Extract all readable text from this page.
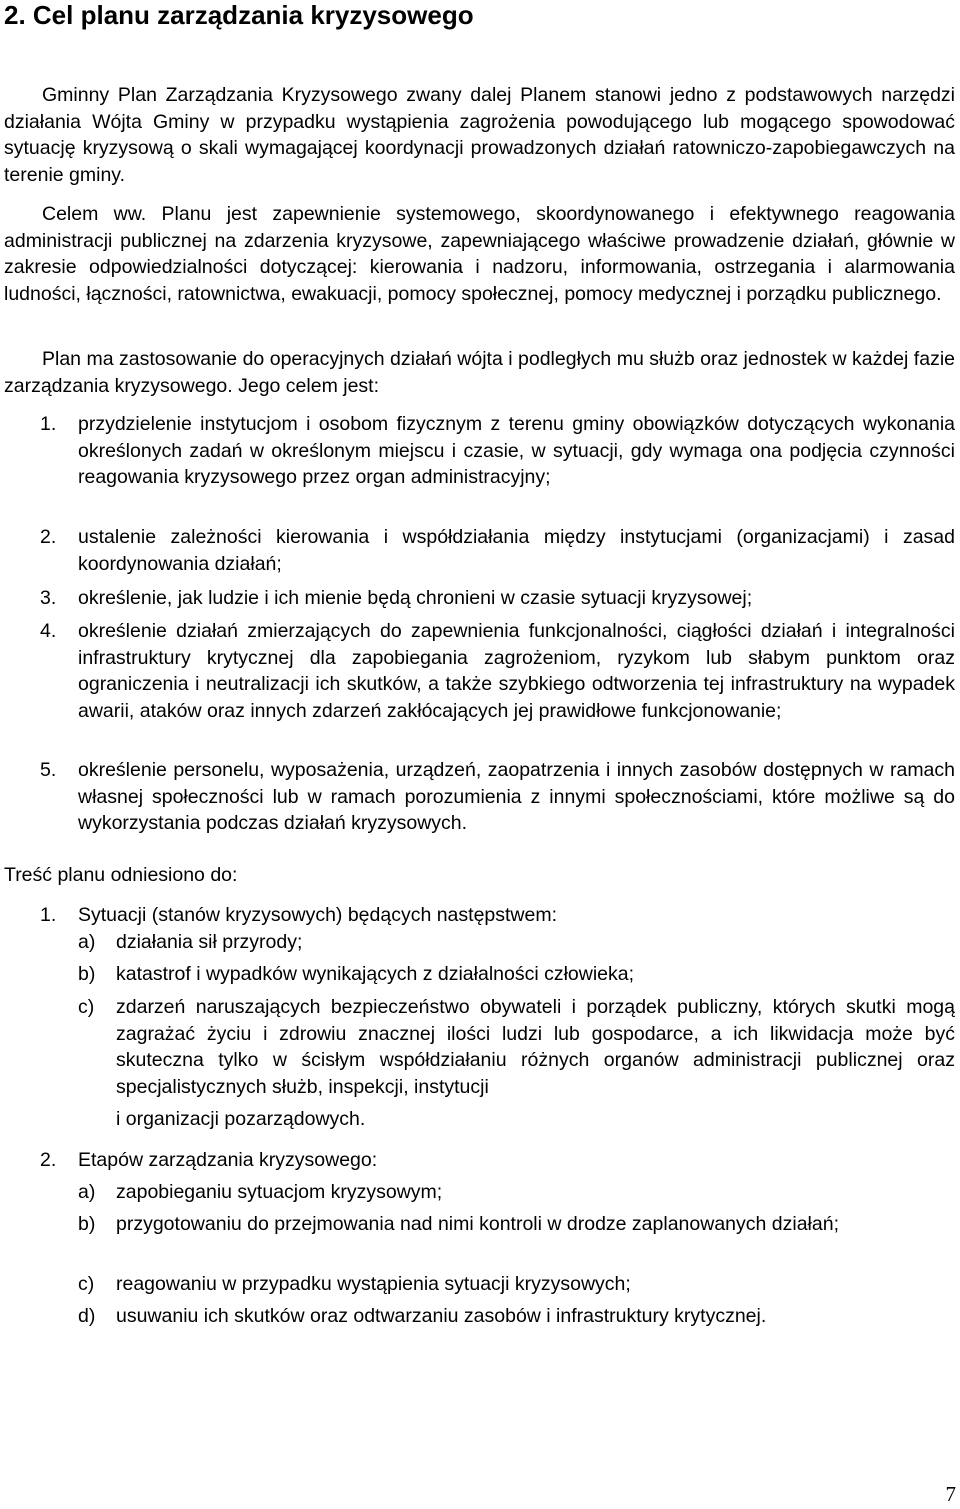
2. Cel planu zarządzania kryzysowego

Gminny Plan Zarządzania Kryzysowego zwany dalej Planem stanowi jedno z podstawowych narzędzi działania Wójta Gminy w przypadku wystąpienia zagrożenia powodującego lub mogącego spowodować sytuację kryzysową o skali wymagającej koordynacji prowadzonych działań ratowniczo-zapobiegawczych na terenie gminy.

Celem ww. Planu jest zapewnienie systemowego, skoordynowanego i efektywnego reagowania administracji publicznej na zdarzenia kryzysowe, zapewniającego właściwe prowadzenie działań, głównie w zakresie odpowiedzialności dotyczącej: kierowania i nadzoru, informowania, ostrzegania i alarmowania ludności, łączności, ratownictwa, ewakuacji, pomocy społecznej, pomocy medycznej i porządku publicznego.

Plan ma zastosowanie do operacyjnych działań wójta i podległych mu służb oraz jednostek w każdej fazie zarządzania kryzysowego. Jego celem jest:

1. przydzielenie instytucjom i osobom fizycznym z terenu gminy obowiązków dotyczących wykonania określonych zadań w określonym miejscu i czasie, w sytuacji, gdy wymaga ona podjęcia czynności reagowania kryzysowego przez organ administracyjny;
2. ustalenie zależności kierowania i współdziałania między instytucjami (organizacjami) i zasad koordynowania działań;
3. określenie, jak ludzie i ich mienie będą chronieni w czasie sytuacji kryzysowej;
4. określenie działań zmierzających do zapewnienia funkcjonalności, ciągłości działań i integralności infrastruktury krytycznej dla zapobiegania zagrożeniom, ryzykom lub słabym punktom oraz ograniczenia i neutralizacji ich skutków, a także szybkiego odtworzenia tej infrastruktury na wypadek awarii, ataków oraz innych zdarzeń zakłócających jej prawidłowe funkcjonowanie;
5. określenie personelu, wyposażenia, urządzeń, zaopatrzenia i innych zasobów dostępnych w ramach własnej społeczności lub w ramach porozumienia z innymi społecznościami, które możliwe są do wykorzystania podczas działań kryzysowych.

Treść planu odniesiono do:

1. Sytuacji (stanów kryzysowych) będących następstwem:
a) działania sił przyrody;
b) katastrof i wypadków wynikających z działalności człowieka;
c) zdarzeń naruszających bezpieczeństwo obywateli i porządek publiczny, których skutki mogą zagrażać życiu i zdrowiu znacznej ilości ludzi lub gospodarce, a ich likwidacja może być skuteczna tylko w ścisłym współdziałaniu różnych organów administracji publicznej oraz specjalistycznych służb, inspekcji, instytucji
i organizacji pozarządowych.
2. Etapów zarządzania kryzysowego:
a) zapobieganiu sytuacjom kryzysowym;
b) przygotowaniu do przejmowania nad nimi kontroli w drodze zaplanowanych działań;
c) reagowaniu w przypadku wystąpienia sytuacji kryzysowych;
d) usuwaniu ich skutków oraz odtwarzaniu zasobów i infrastruktury krytycznej.
7
